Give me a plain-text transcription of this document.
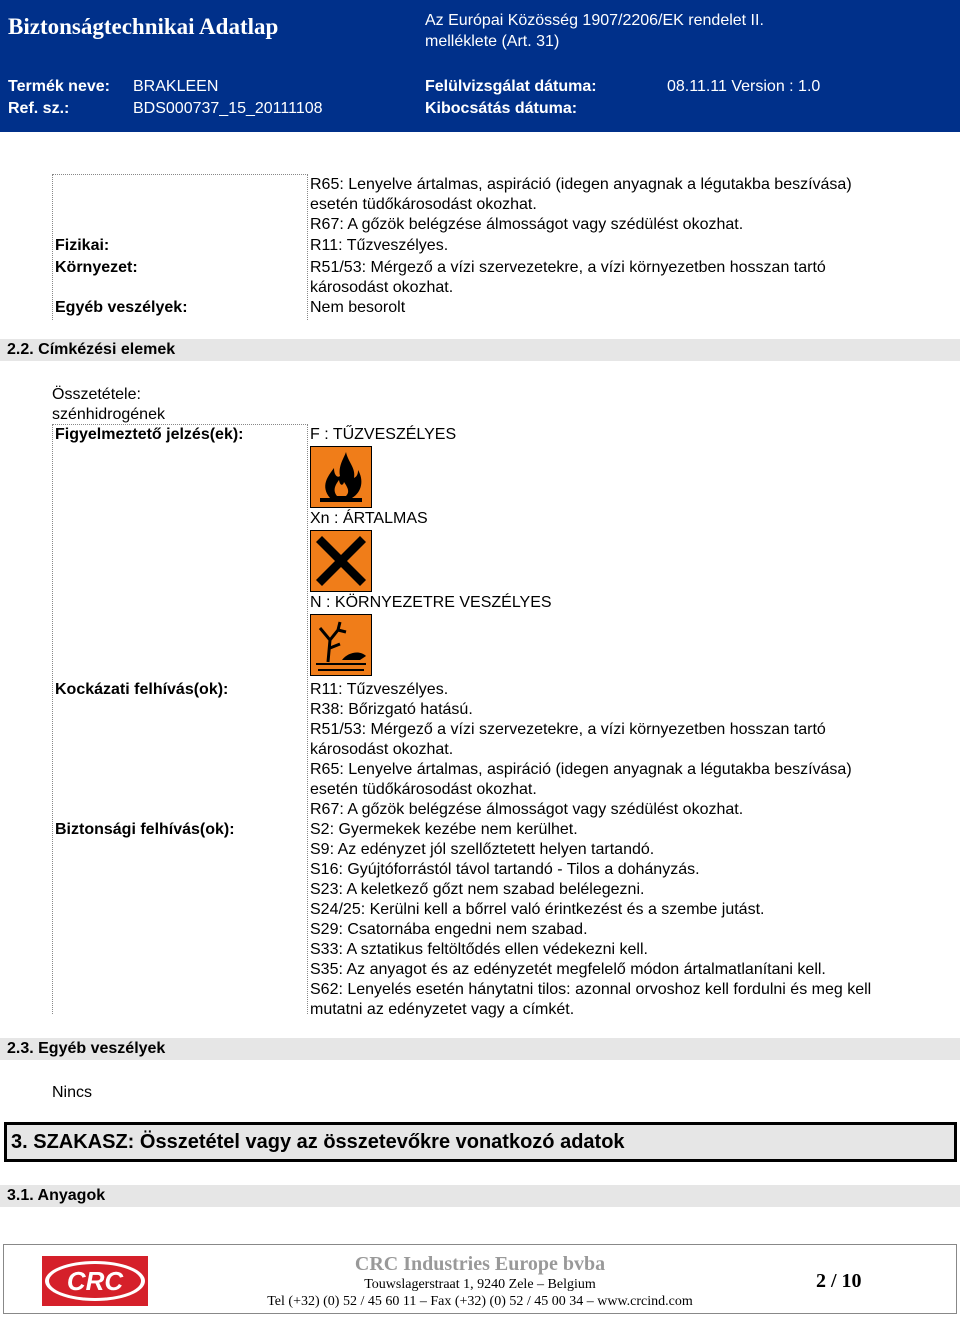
Biztonságtechnikai Adatlap	Az Európai Közösség 1907/2206/EK rendelet II.
melléklete (Art. 31)
Termék neve: BRAKLEEN
Ref. sz.:	BDS000737_15_20111108
Felülvizsgálat dátuma:	08.11.11 Version : 1.0
Kibocsátás dátuma:
R65: Lenyelve ártalmas, aspiráció (idegen anyagnak a légutakba beszívása)
esetén tüdőkárosodást okozhat.
R67: A gőzök belégzése álmosságot vagy szédülést okozhat.
Fizikai:	R11: Tűzveszélyes.
Környezet:	R51/53: Mérgező a vízi szervezetekre, a vízi környezetben hosszan tartó
károsodást okozhat.
Egyéb veszélyek:	Nem besorolt
2.2. Címkézési elemek
Összetétele:
szénhidrogének
Figyelmeztető jelzés(ek):	F : TŰZVESZÉLYES
Xn : ÁRTALMAS
N : KÖRNYEZETRE VESZÉLYES
Kockázati felhívás(ok):	R11: Tűzveszélyes.
R38: Bőrizgató hatású.
R51/53: Mérgező a vízi szervezetekre, a vízi környezetben hosszan tartó
károsodást okozhat.
R65: Lenyelve ártalmas, aspiráció (idegen anyagnak a légutakba beszívása)
esetén tüdőkárosodást okozhat.
R67: A gőzök belégzése álmosságot vagy szédülést okozhat.
Biztonsági felhívás(ok):	S2: Gyermekek kezébe nem kerülhet.
S9: Az edényzet jól szellőztetett helyen tartandó.
S16: Gyújtóforrástól távol tartandó - Tilos a dohányzás.
S23: A keletkező gőzt nem szabad belélegezni.
S24/25: Kerülni kell a bőrrel való érintkezést és a szembe jutást.
S29: Csatornába engedni nem szabad.
S33: A sztatikus feltöltődés ellen védekezni kell.
S35: Az anyagot és az edényzetét megfelelő módon ártalmatlanítani kell.
S62: Lenyelés esetén hánytatni tilos: azonnal orvoshoz kell fordulni és meg kell
mutatni az edényzetet vagy a címkét.
2.3. Egyéb veszélyek
Nincs
3. SZAKASZ: Összetétel vagy az összetevőkre vonatkozó adatok
3.1. Anyagok
CRC
CRC Industries Europe bvba
Touwslagerstraat 1, 9240 Zele – Belgium
Tel (+32) (0) 52 / 45 60 11 – Fax (+32) (0) 52 / 45 00 34 – www.crcind.com
2 / 10
